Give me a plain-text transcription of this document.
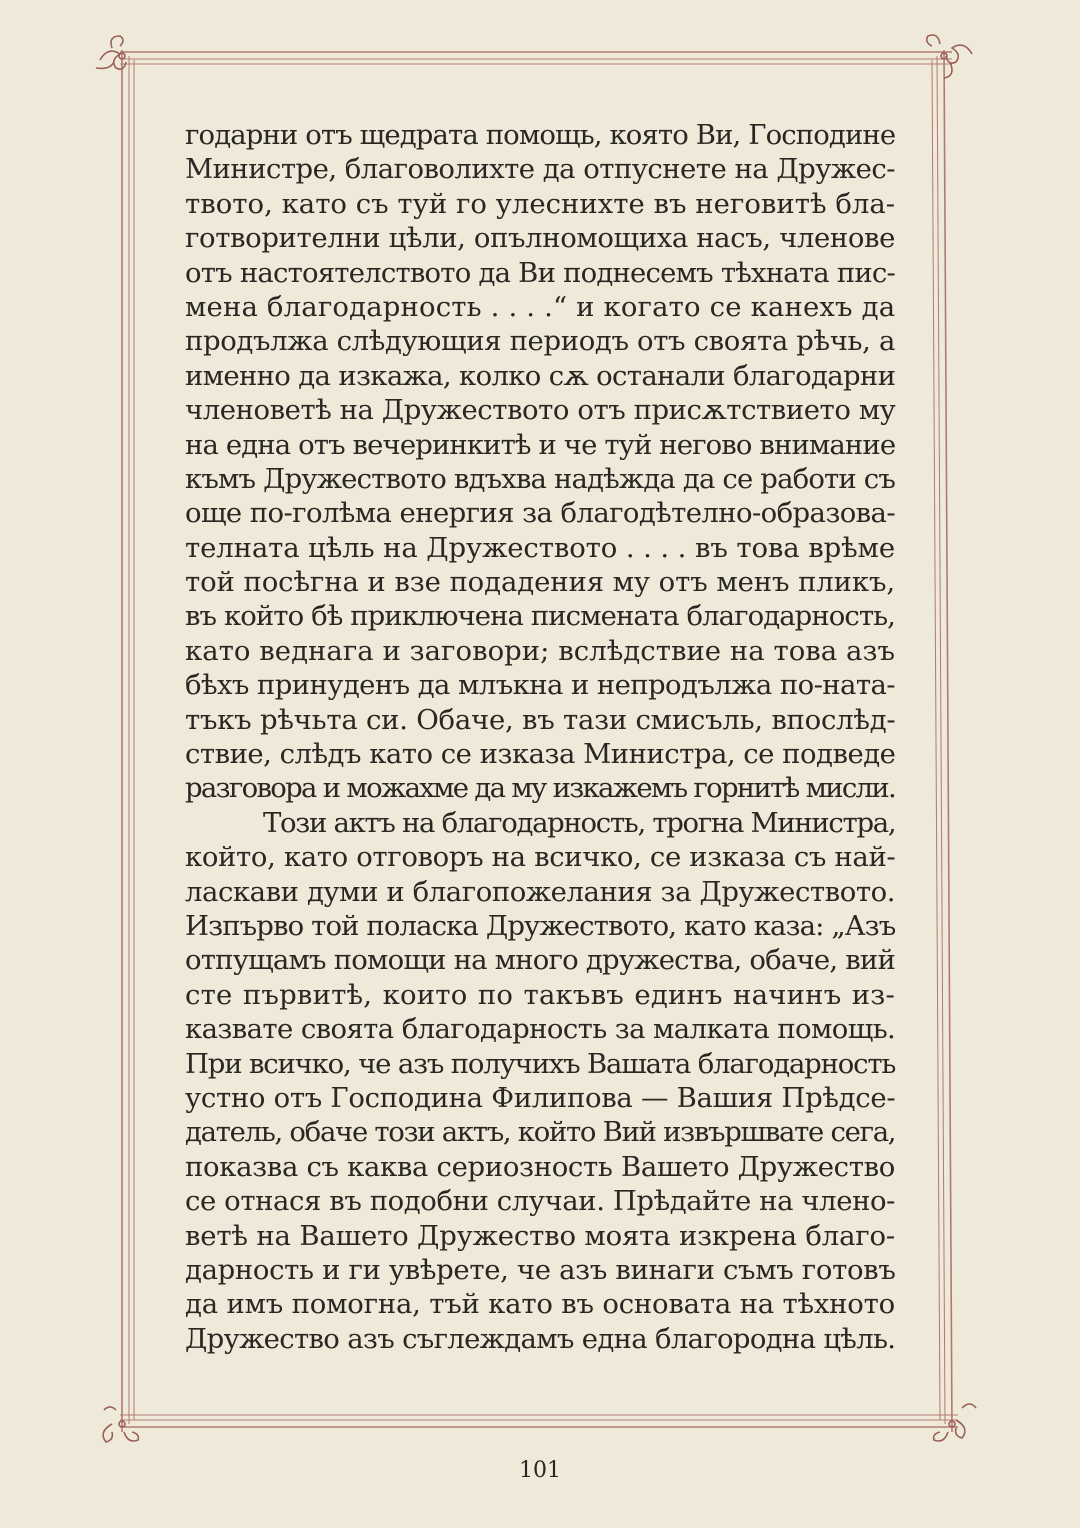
годарни отъ щедрата помощь, която Ви, Господине
Министре, благоволихте да отпуснете на Дружес-
твото, като съ туй го улеснихте въ неговитѣ бла-
готворителни цѣли, опълномощиха насъ, членове
отъ настоятелството да Ви поднесемъ тѣхната пис-
мена благодарность . . . .“ и когато се канехъ да
продължа слѣдующия периодъ отъ своята рѣчь, а
именно да изкажа, колко сѫ останали благодарни
членоветѣ на Дружеството отъ присѫтствието му
на една отъ вечеринкитѣ и че туй негово внимание
къмъ Дружеството вдъхва надѣжда да се работи съ
още по-голѣма енергия за благодѣтелно-образова-
телната цѣль на Дружеството . . . . въ това врѣме
той посѣгна и взе подадения му отъ менъ пликъ,
въ който бѣ приключена писмената благодарность,
като веднага и заговори; вслѣдствие на това азъ
бѣхъ принуденъ да млъкна и непродължа по-ната-
тъкъ рѣчьта си. Обаче, въ тази смисъль, впослѣд-
ствие, слѣдъ като се изказа Министра, се подведе
разговора и можахме да му изкажемъ горнитѣ мисли.
Този актъ на благодарность, трогна Министра,
който, като отговоръ на всичко, се изказа съ най-
ласкави думи и благопожелания за Дружеството.
Изпърво той поласка Дружеството, като каза: „Азъ
отпущамъ помощи на много дружества, обаче, вий
сте първитѣ, които по такъвъ единъ начинъ из-
казвате своята благодарность за малката помощь.
При всичко, че азъ получихъ Вашата благодарность
устно отъ Господина Филипова — Вашия Прѣдсе-
датель, обаче този актъ, който Вий извършвате сега,
показва съ каква сериозность Вашето Дружество
се отнася въ подобни случаи. Прѣдайте на члено-
ветѣ на Вашето Дружество моята изкрена благо-
дарность и ги увѣрете, че азъ винаги съмъ готовъ
да имъ помогна, тъй като въ основата на тѣхното
Дружество азъ съглеждамъ една благородна цѣль.
101
